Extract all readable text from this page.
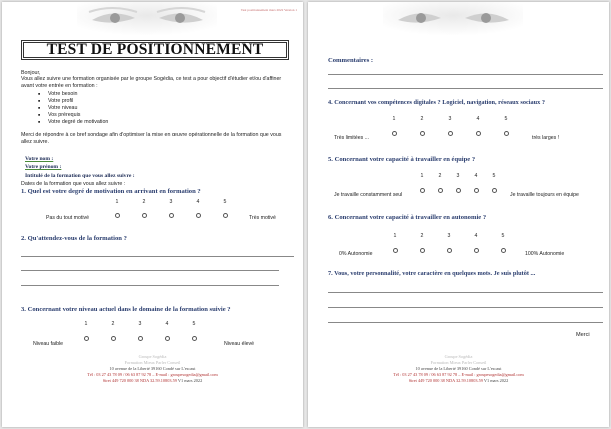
Test positionnement mars 2022 Version 1
TEST DE POSITIONNEMENT
Bonjour,
Vous allez suivre une formation organisée par le groupe Sogédia, ce test a pour objectif d'étudier et/ou d'affiner avant votre entrée en formation :
■ Votre besoin
■ Votre profil
■ Votre niveau
■ Vos prérequis
■ Votre degré de motivation
Merci de répondre à ce bref sondage afin d'optimiser la mise en œuvre opérationnelle de la formation que vous allez suivre.
Votre nom :
Votre prénom :
Intitulé de la formation que vous allez suivre :
Dates de la formation que vous allez suivre :
1. Quel est votre degré de motivation en arrivant en formation ?
1	2	3	4	5
Pas du tout motivé	Très motivé
2. Qu'attendez-vous de la formation ?
3. Concernant votre niveau actuel dans le domaine de la formation suivie ?
1	2	3	4	5
Niveau faible	Niveau élevé
Groupe Sogédia
Formation Mieux Parler Conseil
10 avenue de la Liberté 39160 Condé sur L'escaut
Tél : 03 27 43 78 09 / 06 63 87 92 78 – E-mail : groupesogedia@gmail.com
Siret 449 720 000 38 NDA 32.59.10803.59 V1 mars 2022
Commentaires :
4. Concernant vos compétences digitales ? Logiciel, navigation, réseaux sociaux ?
1	2	3	4	5
Très limitées ...	très larges !
5. Concernant votre capacité à travailler en équipe ?
1	2	3	4	5
Je travaille constamment seul	Je travaille toujours en équipe
6. Concernant votre capacité à travailler en autonomie ?
1	2	3	4	5
0% Autonomie	100% Autonomie
7. Vous, votre personnalité, votre caractère en quelques mots. Je suis plutôt ...
Merci
Groupe Sogédia
Formation Mieux Parler Conseil
10 avenue de la Liberté 39160 Condé sur L'escaut
Tél : 03 27 43 78 09 / 06 63 87 92 78 – E-mail : groupesogedia@gmail.com
Siret 449 720 000 38 NDA 32.59.10803.59 V1 mars 2022
